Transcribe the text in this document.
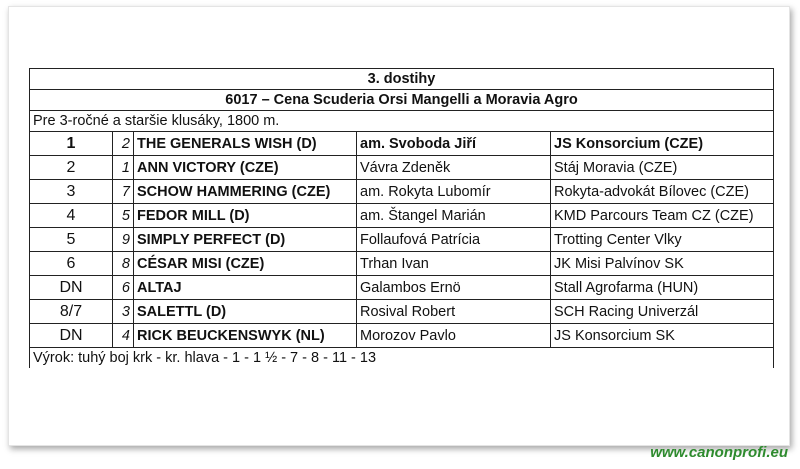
3. dostihy				
6017 – Cena Scuderia Orsi Mangelli a Moravia Agro				
Pre 3-ročné a staršie klusáky, 1800 m.				
1	2	THE GENERALS WISH (D)	am. Svoboda Jiří	JS Konsorcium (CZE)
2	1	ANN VICTORY (CZE)	Vávra Zdeněk	Stáj Moravia (CZE)
3	7	SCHOW HAMMERING (CZE)	am. Rokyta Lubomír	Rokyta-advokát Bílovec (CZE)
4	5	FEDOR MILL (D)	am. Štangel Marián	KMD Parcours Team CZ (CZE)
5	9	SIMPLY PERFECT (D)	Follaufová Patrícia	Trotting Center Vlky
6	8	CÉSAR MISI (CZE)	Trhan Ivan	JK Misi Palvínov SK
DN	6	ALTAJ	Galambos Ernö	Stall Agrofarma (HUN)
8/7	3	SALETTL (D)	Rosival Robert	SCH Racing Univerzál
DN	4	RICK BEUCKENSWYK (NL)	Morozov Pavlo	JS Konsorcium SK
Výrok: tuhý boj krk - kr. hlava - 1 - 1 ½ - 7 - 8 - 11 - 13				
www.canonprofi.eu
